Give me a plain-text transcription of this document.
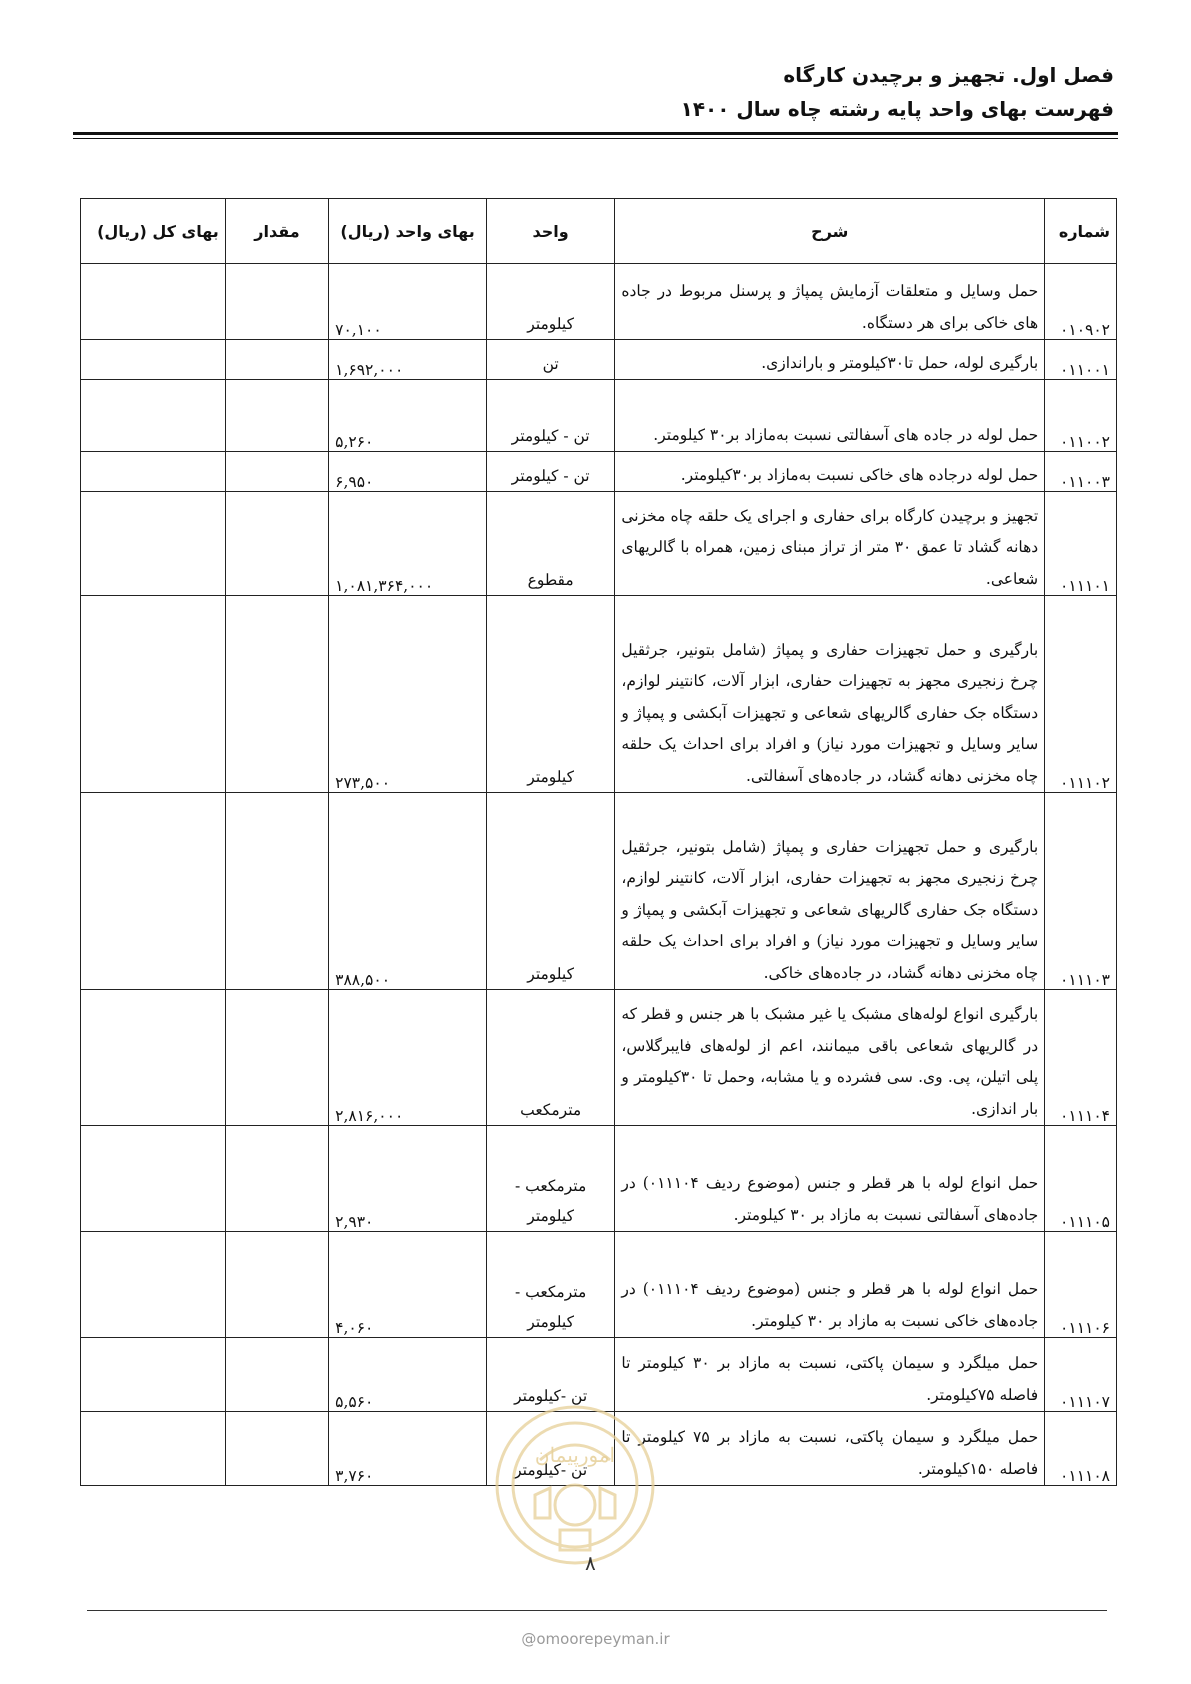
فصل اول. تجهیز و برچیدن کارگاه
فهرست بهای واحد پایه رشته چاه سال ۱۴۰۰
شماره	شرح	واحد	بهای واحد (ریال)	مقدار	بهای کل (ریال)
۰۱۰۹۰۲	حمل وسایل و متعلقات آزمایش پمپاژ و پرسنل مربوط در جاده های خاکی برای هر دستگاه.	کیلومتر	۷۰,۱۰۰		
۰۱۱۰۰۱	بارگیری لوله، حمل تا۳۰کیلومتر و باراندازی.	تن	۱,۶۹۲,۰۰۰		
۰۱۱۰۰۲	حمل لوله در جاده های آسفالتی نسبت به‌مازاد بر۳۰ کیلومتر.	تن - کیلومتر	۵,۲۶۰		
۰۱۱۰۰۳	حمل لوله درجاده های خاکی نسبت به‌مازاد بر۳۰کیلومتر.	تن - کیلومتر	۶,۹۵۰		
۰۱۱۱۰۱	تجهیز و برچیدن کارگاه برای حفاری و اجرای یک حلقه چاه مخزنی دهانه گشاد تا عمق ۳۰ متر از تراز مبنای زمین، همراه با گالریهای شعاعی.	مقطوع	۱,۰۸۱,۳۶۴,۰۰۰		
۰۱۱۱۰۲	بارگیری و حمل تجهیزات حفاری و پمپاژ (شامل بتونیر، جرثقیل چرخ زنجیری مجهز به تجهیزات حفاری، ابزار آلات، کانتینر لوازم، دستگاه جک حفاری گالریهای شعاعی و تجهیزات آبکشی و پمپاژ و سایر وسایل و تجهیزات مورد نیاز) و افراد برای احداث یک حلقه چاه مخزنی دهانه گشاد، در جاده‌های آسفالتی.	کیلومتر	۲۷۳,۵۰۰		
۰۱۱۱۰۳	بارگیری و حمل تجهیزات حفاری و پمپاژ (شامل بتونیر، جرثقیل چرخ زنجیری مجهز به تجهیزات حفاری، ابزار آلات، کانتینر لوازم، دستگاه جک حفاری گالریهای شعاعی و تجهیزات آبکشی و پمپاژ و سایر وسایل و تجهیزات مورد نیاز) و افراد برای احداث یک حلقه چاه مخزنی دهانه گشاد، در جاده‌های خاکی.	کیلومتر	۳۸۸,۵۰۰		
۰۱۱۱۰۴	بارگیری انواع لوله‌های مشبک یا غیر مشبک با هر جنس و قطر که در گالریهای شعاعی باقی میمانند، اعم از لوله‌های فایبرگلاس، پلی اتیلن، پی. وی. سی فشرده و یا مشابه، وحمل تا ۳۰کیلومتر و بار اندازی.	مترمکعب	۲,۸۱۶,۰۰۰		
۰۱۱۱۰۵	حمل انواع لوله با هر قطر و جنس (موضوع ردیف ۰۱۱۱۰۴) در جاده‌های آسفالتی نسبت به مازاد بر ۳۰ کیلومتر.	مترمکعب - کیلومتر	۲,۹۳۰		
۰۱۱۱۰۶	حمل انواع لوله با هر قطر و جنس (موضوع ردیف ۰۱۱۱۰۴) در جاده‌های خاکی نسبت به مازاد بر ۳۰ کیلومتر.	مترمکعب - کیلومتر	۴,۰۶۰		
۰۱۱۱۰۷	حمل میلگرد و سیمان پاکتی، نسبت به مازاد بر ۳۰ کیلومتر تا فاصله ۷۵کیلومتر.	تن -کیلومتر	۵,۵۶۰		
۰۱۱۱۰۸	حمل میلگرد و سیمان پاکتی، نسبت به مازاد بر ۷۵ کیلومتر تا فاصله ۱۵۰کیلومتر.	تن -کیلومتر	۳,۷۶۰		
امورپیمان
۸
@omoorepeyman.ir
